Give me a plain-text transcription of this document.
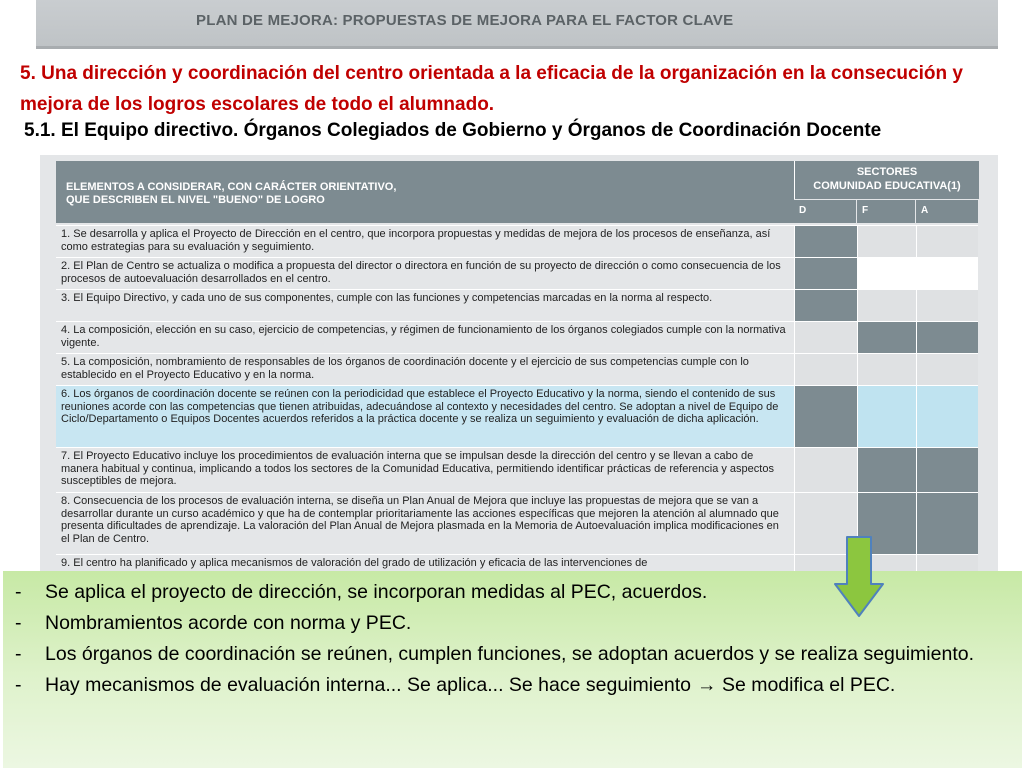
PLAN DE MEJORA: PROPUESTAS DE MEJORA PARA EL FACTOR CLAVE
5. Una dirección y coordinación del centro orientada a la eficacia de la organización en la consecución y mejora de los logros escolares de todo el alumnado.
5.1. El Equipo directivo. Órganos Colegiados de Gobierno y Órganos de Coordinación Docente
ELEMENTOS A CONSIDERAR, CON CARÁCTER ORIENTATIVO,
QUE DESCRIBEN EL NIVEL "BUENO" DE LOGRO
SECTORES
COMUNIDAD EDUCATIVA(1)
D	F	A
1. Se desarrolla y aplica el Proyecto de Dirección en el centro, que incorpora propuestas y medidas de mejora de los procesos de enseñanza, así como estrategias para su evaluación y seguimiento.
2. El Plan de Centro se actualiza o modifica a propuesta del director o directora en función de su proyecto de dirección o como consecuencia de los procesos de autoevaluación desarrollados en el centro.
3. El Equipo Directivo, y cada uno de sus componentes, cumple con las funciones y competencias marcadas en la norma al respecto.
4. La composición, elección en su caso, ejercicio de competencias, y régimen de funcionamiento de los órganos colegiados cumple con la normativa vigente.
5. La composición, nombramiento de responsables de los órganos de coordinación docente y el ejercicio de sus competencias cumple con lo establecido en el Proyecto Educativo y en la norma.
6. Los órganos de coordinación docente se reúnen con la periodicidad que establece el Proyecto Educativo y la norma, siendo el contenido de sus reuniones acorde con las competencias que tienen atribuidas, adecuándose al contexto y necesidades del centro. Se adoptan a nivel de Equipo de Ciclo/Departamento o Equipos Docentes acuerdos referidos a la práctica docente y se realiza un seguimiento y evaluación de dicha aplicación.
7. El Proyecto Educativo incluye los procedimientos de evaluación interna que se impulsan desde la dirección del centro y se llevan a cabo de manera habitual y continua, implicando a todos los sectores de la Comunidad Educativa, permitiendo identificar prácticas de referencia y aspectos susceptibles de mejora.
8. Consecuencia de los procesos de evaluación interna, se diseña un Plan Anual de Mejora que incluye las propuestas de mejora que se van a desarrollar durante un curso académico y que ha de contemplar prioritariamente las acciones específicas que mejoren la atención al alumnado que presenta dificultades de aprendizaje. La valoración del Plan Anual de Mejora plasmada en la Memoria de Autoevaluación implica modificaciones en el Plan de Centro.
9. El centro ha planificado y aplica mecanismos de valoración del grado de utilización y eficacia de las intervenciones de
- Se aplica el proyecto de dirección, se incorporan medidas al PEC, acuerdos.
- Nombramientos acorde con norma y PEC.
- Los órganos de coordinación se reúnen, cumplen funciones, se adoptan acuerdos y se realiza seguimiento.
- Hay mecanismos de evaluación interna... Se aplica... Se hace seguimiento → Se modifica el PEC.
